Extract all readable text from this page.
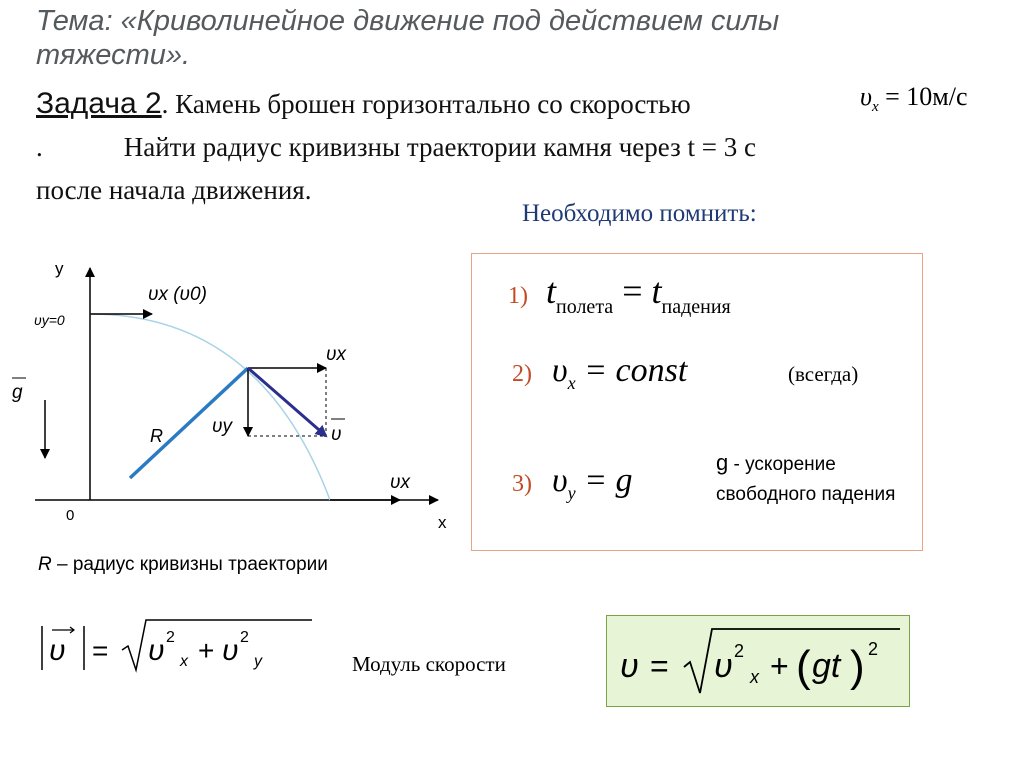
Тема: «Криволинейное движение под действием силы тяжести».
Задача 2. Камень брошен горизонтально со скоростью
.            Найти радиус кривизны траектории камня через t = 3 с
после начала движения.
$\upsilon_x = 10м/с$
Необходимо помнить:
1) $t_{полета} = t_{падения}$
2) $\upsilon_x$ = const	(всегда)
3) $\upsilon_y = g$	g - ускорение свободного падения
y
x
0
υx (υ0)
υy=0
g
υx
υy	υ
R
υx
R – радиус кривизны траектории
υ = υ 2
x + υ 2
y	Модуль скорости	υ = υ 2
x + ( gt ) 2
